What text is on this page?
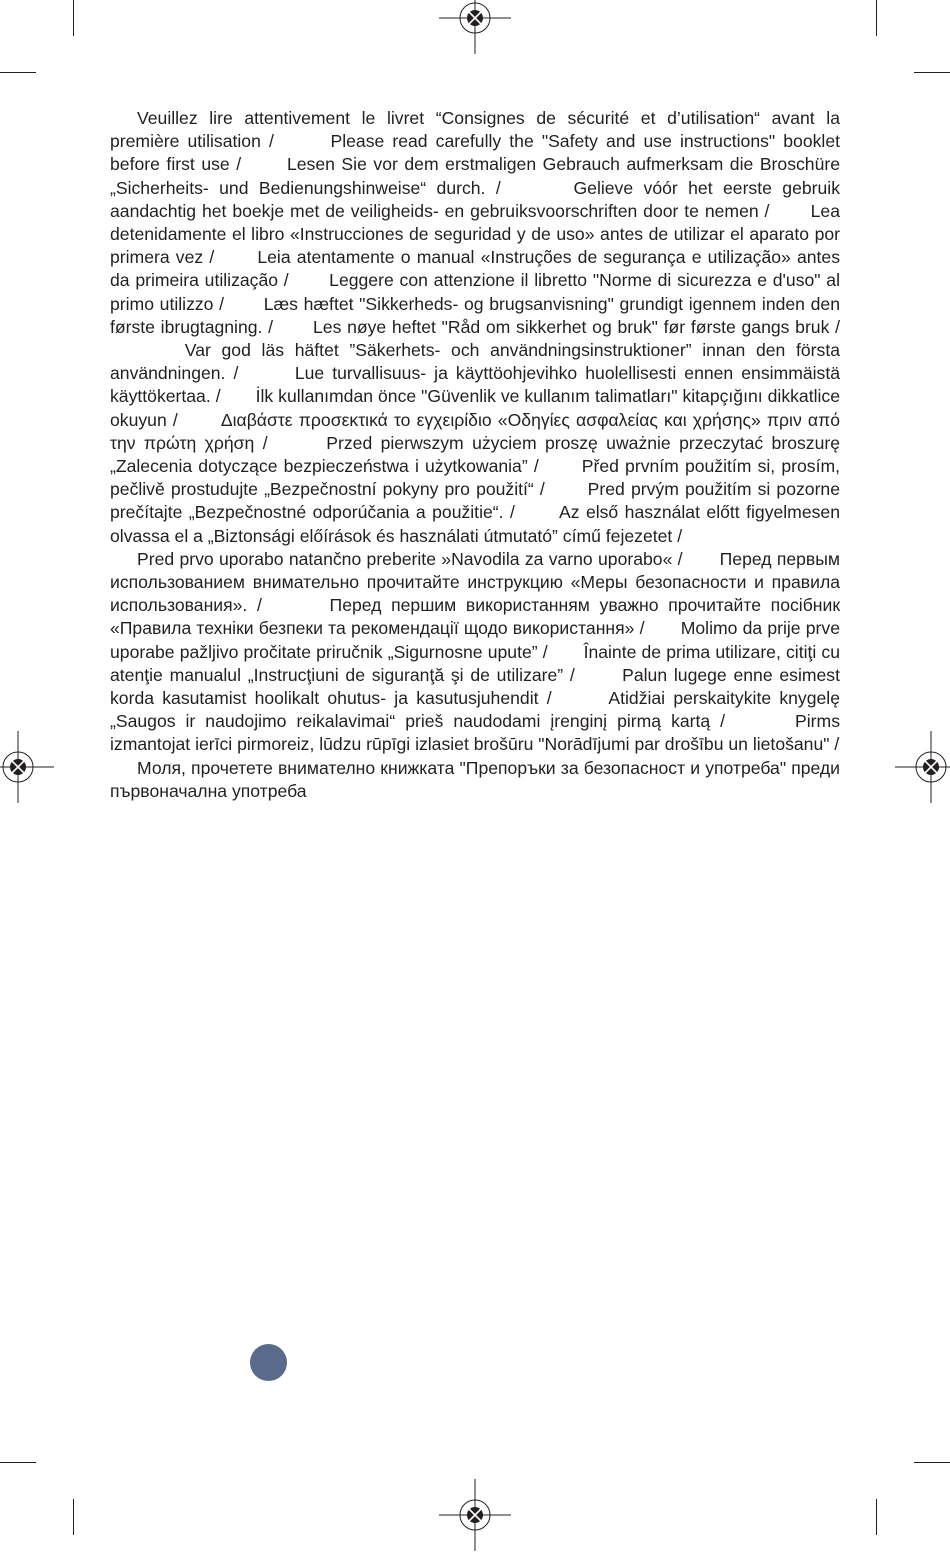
Veuillez lire attentivement le livret “Consignes de sécurité et d’utilisation“ avant la première utilisation /	Please read carefully the "Safety and use instructions" booklet before first use /	Lesen Sie vor dem erstmaligen Gebrauch aufmerksam die Broschüre „Sicherheits- und Bedienungshinweise“ durch. /	Gelieve vóór het eerste gebruik aandachtig het boekje met de veiligheids- en gebruiksvoorschriften door te nemen / Lea detenidamente el libro «Instrucciones de seguridad y de uso» antes de utilizar el aparato por primera vez / Leia atentamente o manual «Instruções de segurança e utilização» antes da primeira utilização / Leggere con attenzione il libretto "Norme di sicurezza e d'uso" al primo utilizzo / Læs hæftet "Sikkerheds- og brugsanvisning" grundigt igennem inden den første ibrugtagning. / Les nøye heftet "Råd om sikkerhet og bruk" før første gangs bruk /       Var god läs häftet ”Säkerhets- och användningsinstruktioner” innan den första användningen. /	Lue turvallisuus- ja käyttöohjevihko huolellisesti ennen ensimmäistä käyttökertaa. / İlk kullanımdan önce "Güvenlik ve kullanım talimatları" kitapçığını dikkatlice okuyun / Διαβάστε προσεκτικά το εγχειρίδιο «Οδηγίες ασφαλείας και χρήσης» πριν από την πρώτη χρήση /	Przed pierwszym użyciem proszę uważnie przeczytać broszurę „Zalecenia dotyczące bezpieczeństwa i użytkowania” / Před prvním použitím si, prosím, pečlivě prostudujte „Bezpečnostní pokyny pro použití“ / Pred prvým použitím si pozorne prečítajte „Bezpečnostné odporúčania a použitie“. /	Az első használat előtt figyelmesen olvassa el a „Biztonsági előírások és használati útmutató” című fejezetet /

Pred prvo uporabo natančno preberite »Navodila za varno uporabo« / Перед первым использованием внимательно прочитайте инструкцию «Меры безопасности и правила использования». /	Перед першим використанням уважно прочитайте посібник «Правила техніки безпеки та рекомендації щодо використання» / Molimo da prije prve uporabe pažljivo pročitate priručnik „Sigurnosne upute” / Înainte de prima utilizare, citiţi cu atenţie manualul „Instrucţiuni de siguranţă şi de utilizare” /	Palun lugege enne esimest korda kasutamist hoolikalt ohutus- ja kasutusjuhendit /	Atidžiai perskaitykite knygelę „Saugos ir naudojimo reikalavimai“ prieš naudodami įrenginį pirmą kartą /	Pirms izmantojat ierīci pirmoreiz, lūdzu rūpīgi izlasiet brošūru "Norādījumi par drošību un lietošanu" /

Моля, прочетете внимателно книжката "Препоръки за безопасност и употреба" преди първоначална употреба
